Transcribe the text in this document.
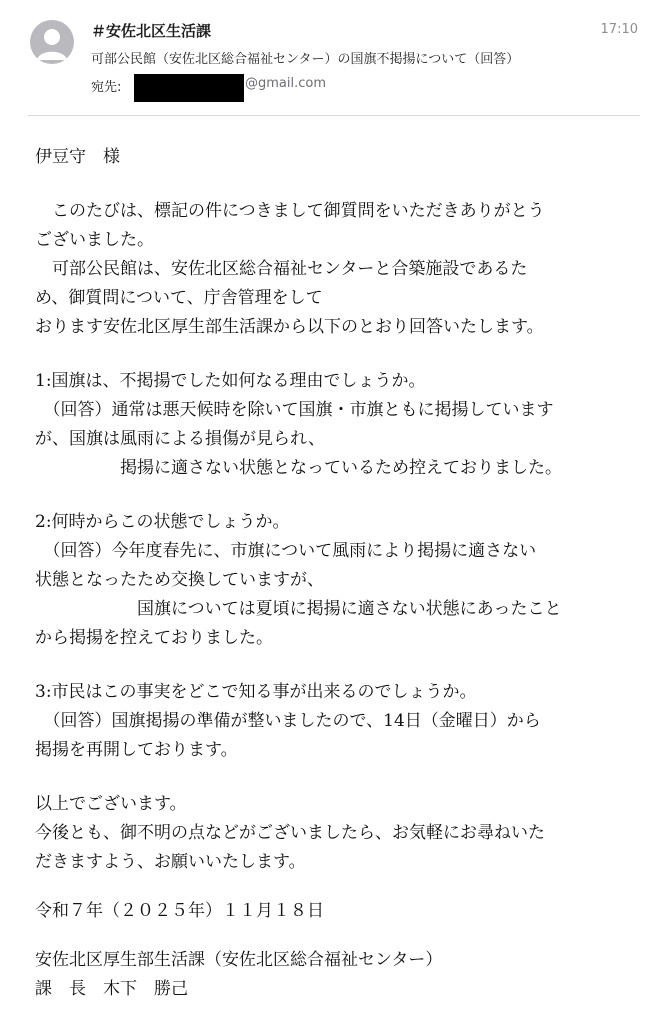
＃安佐北区生活課	17:10
可部公民館（安佐北区総合福祉センター）の国旗不掲揚について（回答）
宛先:	@gmail.com
伊豆守　様
　このたびは、標記の件につきまして御質問をいただきありがとう
ございました。
　可部公民館は、安佐北区総合福祉センターと合築施設であるた
め、御質問について、庁舎管理をして
おります安佐北区厚生部生活課から以下のとおり回答いたします。
1:国旗は、不掲揚でした如何なる理由でしょうか。
　（回答）通常は悪天候時を除いて国旗・市旗ともに掲揚しています
が、国旗は風雨による損傷が見られ、
　　　　　掲揚に適さない状態となっているため控えておりました。
2:何時からこの状態でしょうか。
　（回答）今年度春先に、市旗について風雨により掲揚に適さない
状態となったため交換していますが、
　　　　　　国旗については夏頃に掲揚に適さない状態にあったこと
から掲揚を控えておりました。
3:市民はこの事実をどこで知る事が出来るのでしょうか。
　（回答）国旗掲揚の準備が整いましたので、14日（金曜日）から
掲揚を再開しております。
以上でございます。
今後とも、御不明の点などがございましたら、お気軽にお尋ねいた
だきますよう、お願いいたします。
令和７年（２０２５年）１１月１８日
安佐北区厚生部生活課（安佐北区総合福祉センター）
課　長　木下　勝己
